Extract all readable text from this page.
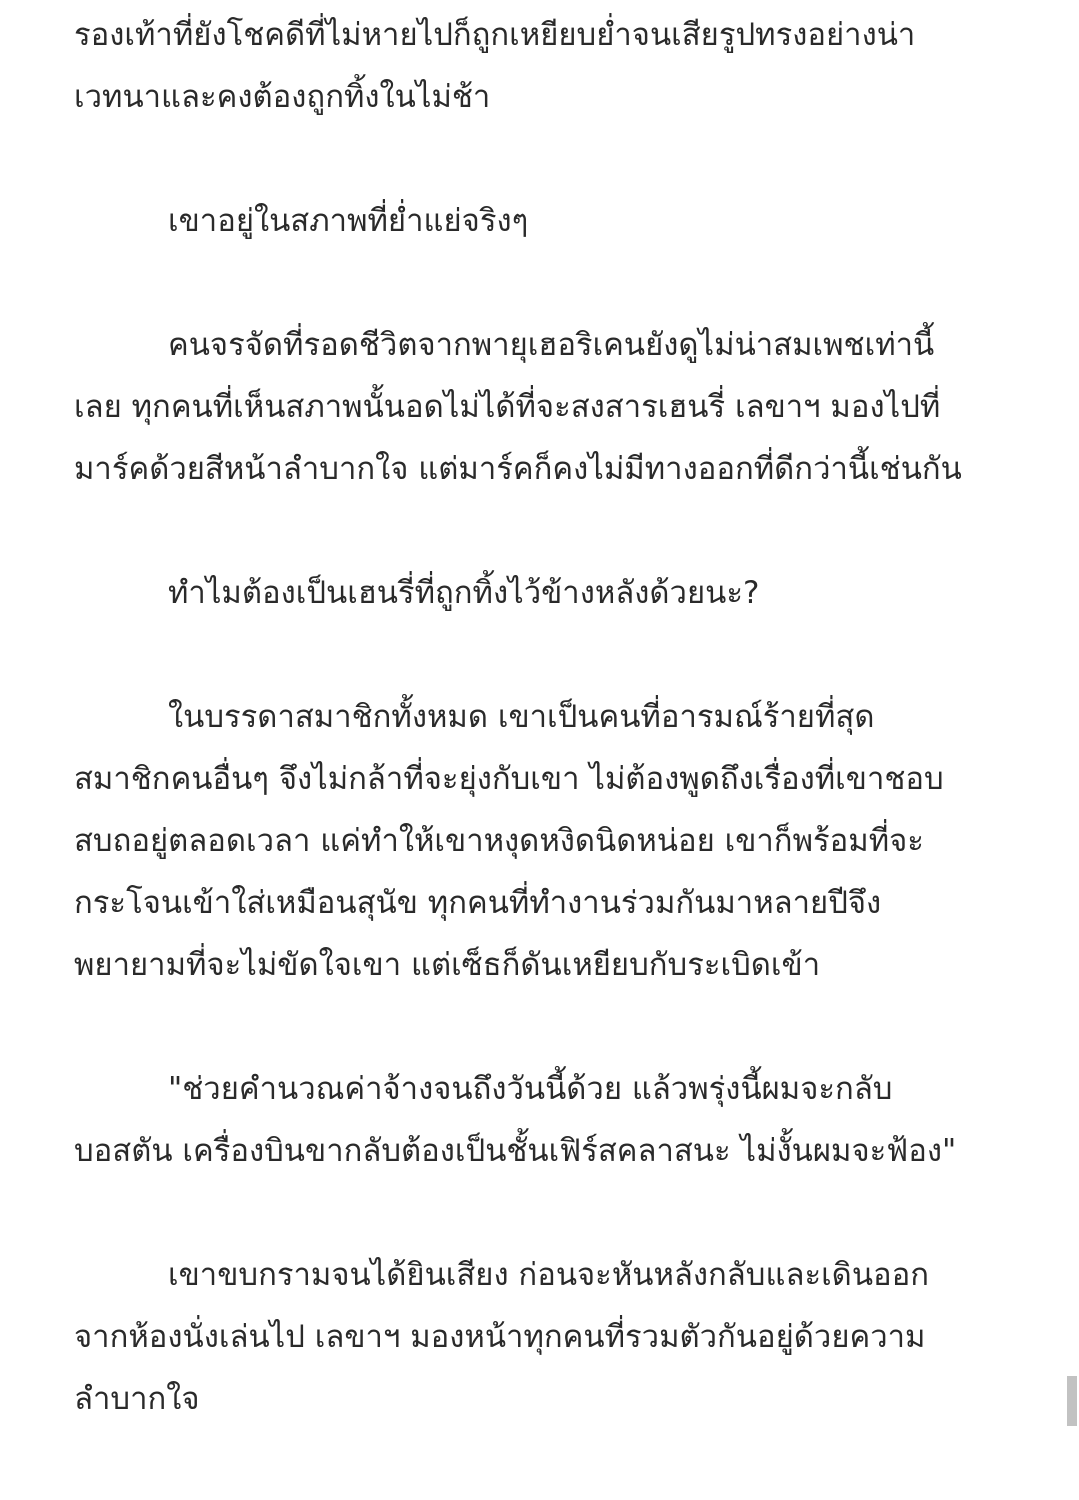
รองเท้าที่ยังโชคดีที่ไม่หายไปก็ถูกเหยียบย่ำจนเสียรูปทรงอย่างน่า
เวทนาและคงต้องถูกทิ้งในไม่ช้า
เขาอยู่ในสภาพที่ย่ำแย่จริงๆ
คนจรจัดที่รอดชีวิตจากพายุเฮอริเคนยังดูไม่น่าสมเพชเท่านี้
เลย ทุกคนที่เห็นสภาพนั้นอดไม่ได้ที่จะสงสารเฮนรี่ เลขาฯ มองไปที่
มาร์คด้วยสีหน้าลำบากใจ แต่มาร์คก็คงไม่มีทางออกที่ดีกว่านี้เช่นกัน
ทำไมต้องเป็นเฮนรี่ที่ถูกทิ้งไว้ข้างหลังด้วยนะ?
ในบรรดาสมาชิกทั้งหมด เขาเป็นคนที่อารมณ์ร้ายที่สุด
สมาชิกคนอื่นๆ จึงไม่กล้าที่จะยุ่งกับเขา ไม่ต้องพูดถึงเรื่องที่เขาชอบ
สบถอยู่ตลอดเวลา แค่ทำให้เขาหงุดหงิดนิดหน่อย เขาก็พร้อมที่จะ
กระโจนเข้าใส่เหมือนสุนัข ทุกคนที่ทำงานร่วมกันมาหลายปีจึง
พยายามที่จะไม่ขัดใจเขา แต่เซ็ธก็ดันเหยียบกับระเบิดเข้า
"ช่วยคำนวณค่าจ้างจนถึงวันนี้ด้วย แล้วพรุ่งนี้ผมจะกลับ
บอสตัน เครื่องบินขากลับต้องเป็นชั้นเฟิร์สคลาสนะ ไม่งั้นผมจะฟ้อง"
เขาขบกรามจนได้ยินเสียง ก่อนจะหันหลังกลับและเดินออก
จากห้องนั่งเล่นไป เลขาฯ มองหน้าทุกคนที่รวมตัวกันอยู่ด้วยความ
ลำบากใจ
